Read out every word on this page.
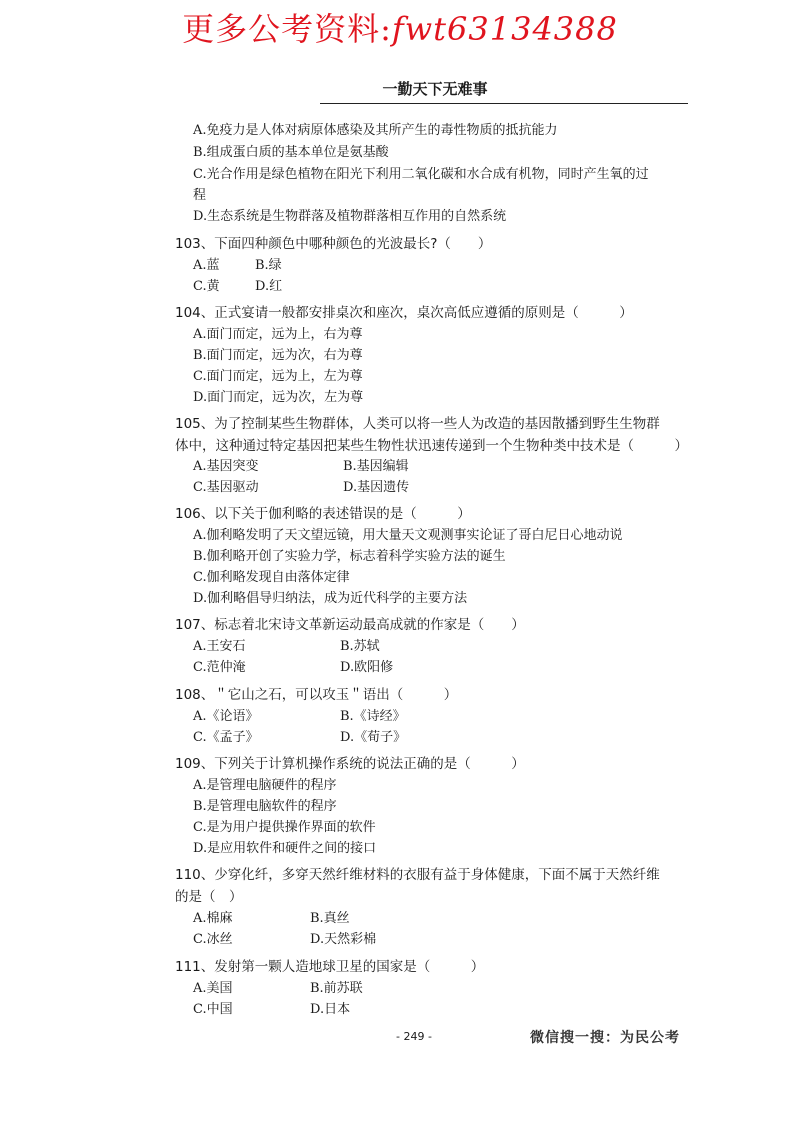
更多公考资料:fwt63134388
一勤天下无难事
A.免疫力是人体对病原体感染及其所产生的毒性物质的抵抗能力
B.组成蛋白质的基本单位是氨基酸
C.光合作用是绿色植物在阳光下利用二氧化碳和水合成有机物，同时产生氧的过
程
D.生态系统是生物群落及植物群落相互作用的自然系统
103、下面四种颜色中哪种颜色的光波最长?（　　）
A.蓝	B.绿
C.黄	D.红
104、正式宴请一般都安排桌次和座次，桌次高低应遵循的原则是（　　　）
A.面门而定，远为上，右为尊
B.面门而定，远为次，右为尊
C.面门而定，远为上，左为尊
D.面门而定，远为次，左为尊
105、为了控制某些生物群体，人类可以将一些人为改造的基因散播到野生生物群
体中，这种通过特定基因把某些生物性状迅速传递到一个生物种类中技术是（　　　）
A.基因突变	B.基因编辑
C.基因驱动	D.基因遗传
106、以下关于伽利略的表述错误的是（　　　）
A.伽利略发明了天文望远镜，用大量天文观测事实论证了哥白尼日心地动说
B.伽利略开创了实验力学，标志着科学实验方法的诞生
C.伽利略发现自由落体定律
D.伽利略倡导归纳法，成为近代科学的主要方法
107、标志着北宋诗文革新运动最高成就的作家是（　　）
A.王安石	B.苏轼
C.范仲淹	D.欧阳修
108、＂它山之石，可以攻玉＂语出（　　　）
A.《论语》	B.《诗经》
C.《孟子》	D.《荀子》
109、下列关于计算机操作系统的说法正确的是（　　　）
A.是管理电脑硬件的程序
B.是管理电脑软件的程序
C.是为用户提供操作界面的软件
D.是应用软件和硬件之间的接口
110、少穿化纤，多穿天然纤维材料的衣服有益于身体健康，下面不属于天然纤维
的是（　）
A.棉麻	B.真丝
C.冰丝	D.天然彩棉
111、发射第一颗人造地球卫星的国家是（　　　）
A.美国	B.前苏联
C.中国	D.日本
- 249 -	微信搜一搜：为民公考
